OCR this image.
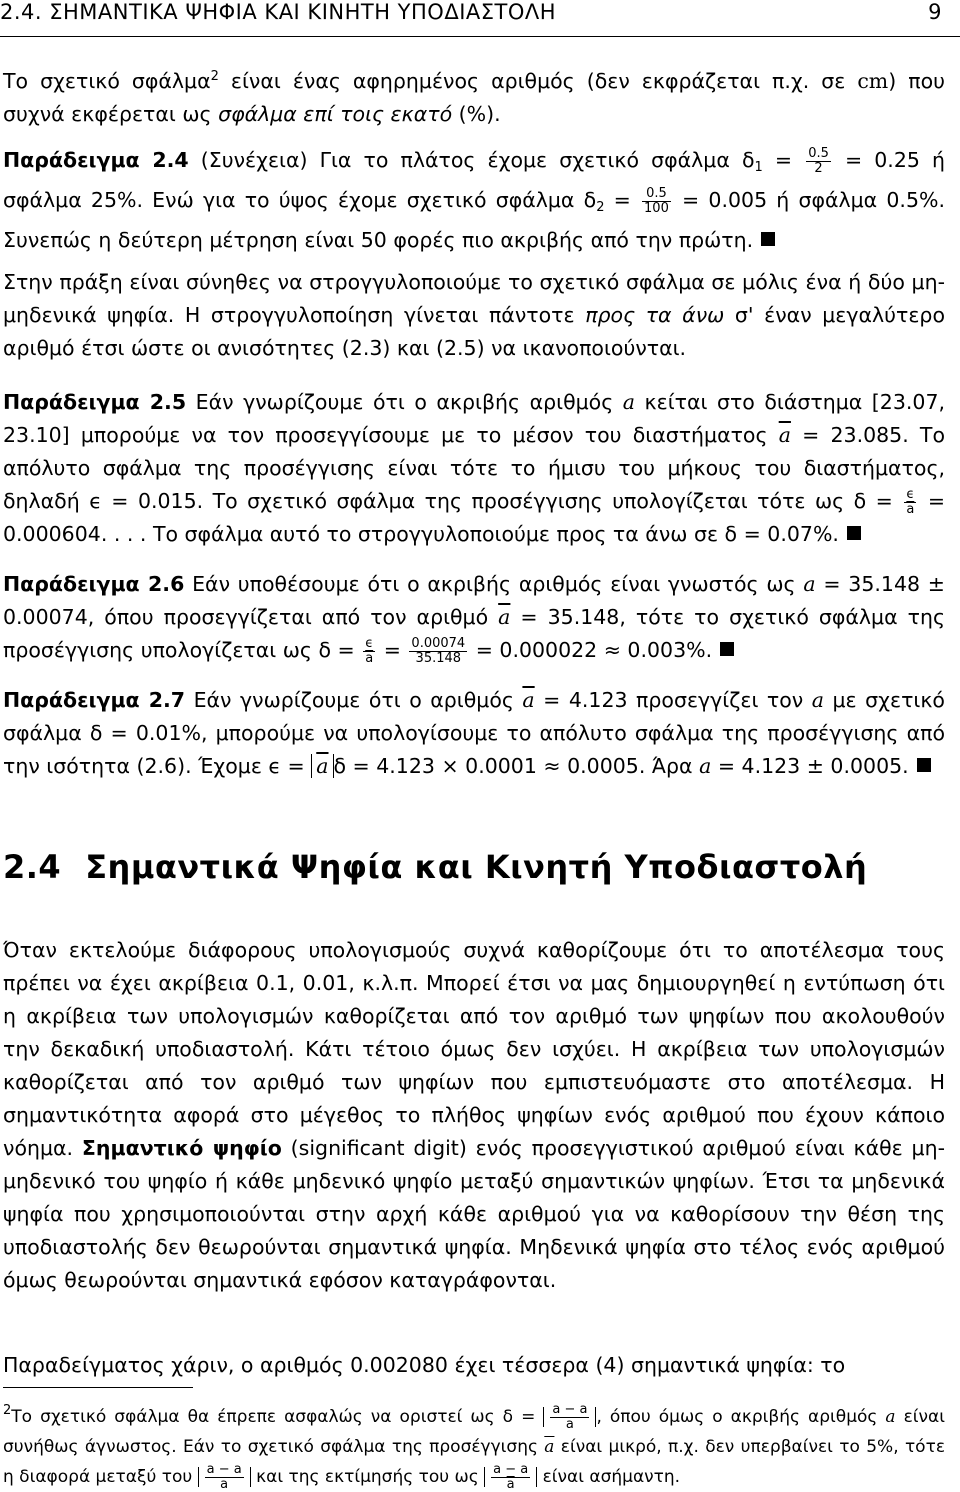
2.4. ΣΗΜΑΝΤΙΚΑ ΨΗΦΙΑ ΚΑΙ ΚΙΝΗΤΗ ΥΠΟΔΙΑΣΤΟΛΗ	9

Το σχετικό σφάλμα$^2$ είναι ένας αφηρημένος αριθμός (δεν εκφράζεται π.χ. σε cm) που συχνά εκφέρεται ως σφάλμα επί τοις εκατό (%).

Παράδειγμα 2.4 (Συνέχεια) Για το πλάτος έχομε σχετικό σφάλμα $\delta_1 = \frac{0.5}{2} = 0.25$ ή σφάλμα 25%. Ενώ για το ύψος έχομε σχετικό σφάλμα $\delta_2 = \frac{0.5}{100} = 0.005$ ή σφάλμα 0.5%. Συνεπώς η δεύτερη μέτρηση είναι 50 φορές πιο ακριβής από την πρώτη.

Στην πράξη είναι σύνηθες να στρογγυλοποιούμε το σχετικό σφάλμα σε μόλις ένα ή δύο μη-μηδενικά ψηφία. Η στρογγυλοποίηση γίνεται πάντοτε προς τα άνω σ' έναν μεγαλύτερο αριθμό έτσι ώστε οι ανισότητες (2.3) και (2.5) να ικανοποιούνται.

Παράδειγμα 2.5 Εάν γνωρίζουμε ότι ο ακριβής αριθμός a κείται στο διάστημα [23.07, 23.10] μπορούμε να τον προσεγγίσουμε με το μέσον του διαστήματος $\overline{a} = 23.085$. Το απόλυτο σφάλμα της προσέγγισης είναι τότε το ήμισυ του μήκους του διαστήματος, δηλαδή ϵ = 0.015. Το σχετικό σφάλμα της προσέγγισης υπολογίζεται τότε ως $\delta = \frac{\epsilon}{a} = 0.000604$. . . . Το σφάλμα αυτό το στρογγυλοποιούμε προς τα άνω σε δ = 0.07%.

Παράδειγμα 2.6 Εάν υποθέσουμε ότι ο ακριβής αριθμός είναι γνωστός ως a = 35.148 ± 0.00074, όπου προσεγγίζεται από τον αριθμό $\overline{a} = 35.148$, τότε το σχετικό σφάλμα της προσέγγισης υπολογίζεται ως $\delta = \frac{\epsilon}{a} = \frac{0.00074}{35.148} = 0.000022 \approx 0.003\%$.

Παράδειγμα 2.7 Εάν γνωρίζουμε ότι ο αριθμός $\overline{a} = 4.123$ προσεγγίζει τον a με σχετικό σφάλμα δ = 0.01%, μπορούμε να υπολογίσουμε το απόλυτο σφάλμα της προσέγγισης από την ισότητα (2.6). Έχομε $\epsilon = \overline{a}$ δ = 4.123 × 0.0001 ≈ 0.0005. Άρα a = 4.123 ± 0.0005.

2.4 Σημαντικά Ψηφία και Κινητή Υποδιαστολή

Όταν εκτελούμε διάφορους υπολογισμούς συχνά καθορίζουμε ότι το αποτέλεσμα τους πρέπει να έχει ακρίβεια 0.1, 0.01, κ.λ.π. Μπορεί έτσι να μας δημιουργηθεί η εντύπωση ότι η ακρίβεια των υπολογισμών καθορίζεται από τον αριθμό των ψηφίων που ακολουθούν την δεκαδική υποδιαστολή. Κάτι τέτοιο όμως δεν ισχύει. Η ακρίβεια των υπολογισμών καθορίζεται από τον αριθμό των ψηφίων που εμπιστευόμαστε στο αποτέλεσμα. Η σημαντικότητα αφορά στο μέγεθος το πλήθος ψηφίων ενός αριθμού που έχουν κάποιο νόημα. Σημαντικό ψηφίο (significant digit) ενός προσεγγιστικού αριθμού είναι κάθε μη-μηδενικό του ψηφίο ή κάθε μηδενικό ψηφίο μεταξύ σημαντικών ψηφίων. Έτσι τα μηδενικά ψηφία που χρησιμοποιούνται στην αρχή κάθε αριθμού για να καθορίσουν την θέση της υποδιαστολής δεν θεωρούνται σημαντικά ψηφία. Μηδενικά ψηφία στο τέλος ενός αριθμού όμως θεωρούνται σημαντικά εφόσον καταγράφονται.

Παραδείγματος χάριν, ο αριθμός 0.002080 έχει τέσσερα (4) σημαντικά ψηφία: το

$^2$Το σχετικό σφάλμα θα έπρεπε ασφαλώς να οριστεί ως $\delta = \frac{a - a}{a}$ , όπου όμως ο ακριβής αριθμός a είναι συνήθως άγνωστος. Εάν το σχετικό σφάλμα της προσέγγισης $\overline{a}$ είναι μικρό, π.χ. δεν υπερβαίνει το 5%, τότε η διαφορά μεταξύ του $\frac{a - a}{a}$ και της εκτίμησής του ως $\frac{a - a}{a}$ είναι ασήμαντη.
